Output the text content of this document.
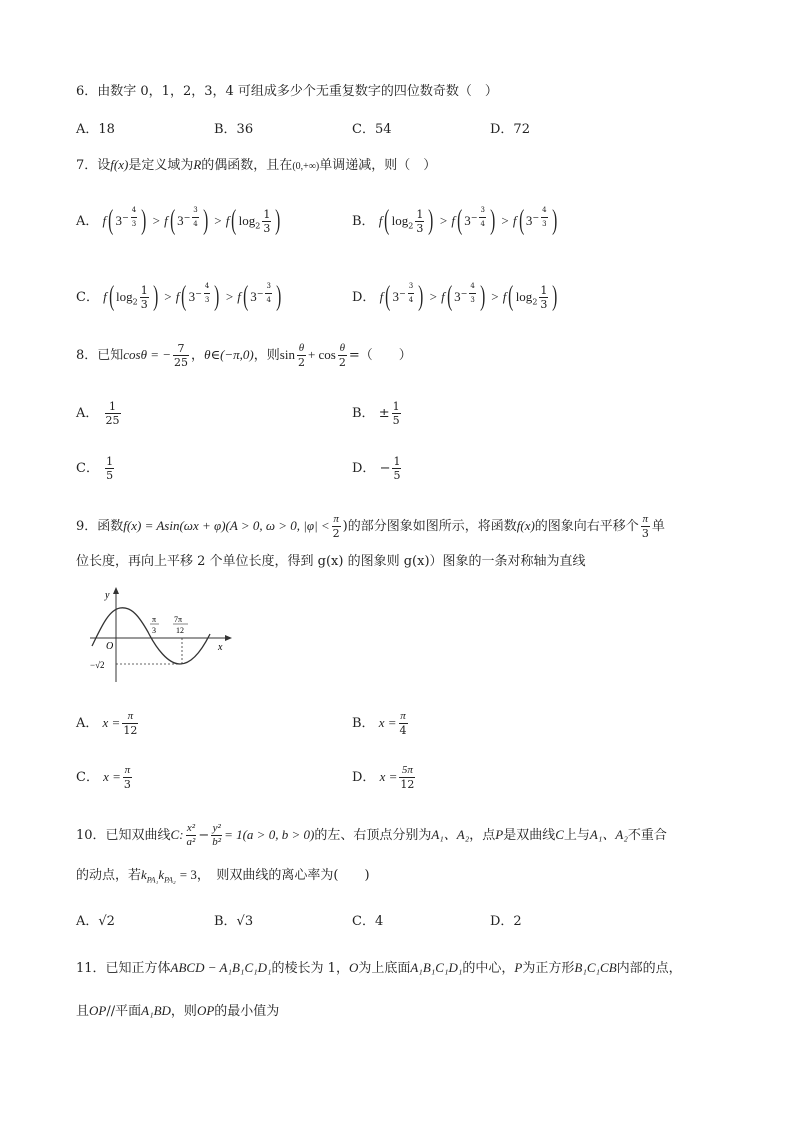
6．由数字 0，1，2，3，4 可组成多少个无重复数字的四位数奇数（　）
A．18	B．36	C．54	D．72
7．设f(x)是定义域为R的偶函数，且在(0,+∞)单调递减，则（　）
A． f( $3^{- \frac{4}{3}}$ ) > f( $3^{- \frac{3}{4}}$ ) > f( $\log_2 \frac{1}{3}$ )	B． f( $\log_2 \frac{1}{3}$ ) > f( $3^{- \frac{3}{4}}$ ) > f( $3^{- \frac{4}{3}}$ )
C． f( $\log_2 \frac{1}{3}$ ) > f( $3^{- \frac{4}{3}}$ ) > f( $3^{- \frac{3}{4}}$ )	D． f( $3^{- \frac{3}{4}}$ ) > f( $3^{- \frac{4}{3}}$ ) > f( $\log_2 \frac{1}{3}$ )
8．已知cosθ = − $\frac{7}{25}$ ，θ∈(−π,0)，则$\sin \frac{\theta}{2} + \cos \frac{\theta}{2}$ =（　　）
A． $\frac{1}{25}$	B． ± $\frac{1}{5}$
C． $\frac{1}{5}$	D． − $\frac{1}{5}$
9．函数f(x) = Asin(ωx + φ)(A > 0, ω > 0, $|\varphi| < \frac{\pi}{2}$ )的部分图象如图所示，将函数f(x)的图象向右平移个 $\frac{\pi}{3}$ 单
位长度，再向上平移 2 个单位长度，得到 g(x) 的图象则 g(x)）图象的一条对称轴为直线
y
x
O
π
3
7π
12
−√2
A． $x = \frac{\pi}{12}$	B． $x = \frac{\pi}{4}$
C． $x = \frac{\pi}{3}$	D． $x = \frac{5\pi}{12}$
10．已知双曲线C: $\frac{\text{x²}}{\text{a²}} - \frac{\text{y²}}{\text{b²}} = 1(a > 0$, b > 0)的左、右顶点分别为A₁、A₂，点P是双曲线C上与A₁、A₂不重合
的动点，若$k_{PA_1}k_{PA_2} = 3$，　则双曲线的离心率为(　　)
A．√2	B．√3	C．4	D．2
11．已知正方体ABCD − A₁B₁C₁D₁的棱长为 1，O为上底面A₁B₁C₁D₁的中心，P为正方形B₁C₁CB内部的点，
且OP//平面A₁BD，则OP的最小值为
